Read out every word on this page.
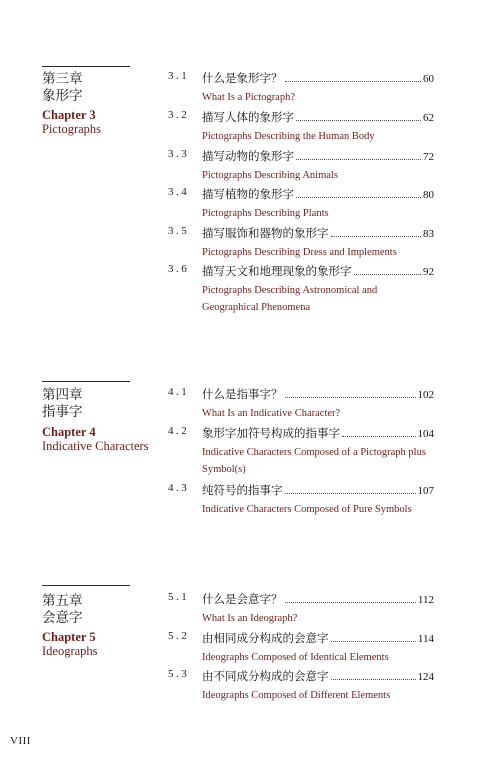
第三章
象形字
Chapter 3
Pictographs
3.1 什么是象形字？	60
What Is a Pictograph?
3.2 描写人体的象形字	62
Pictographs Describing the Human Body
3.3 描写动物的象形字	72
Pictographs Describing Animals
3.4 描写植物的象形字	80
Pictographs Describing Plants
3.5 描写服饰和器物的象形字	83
Pictographs Describing Dress and Implements
3.6 描写天文和地理现象的象形字	92
Pictographs Describing Astronomical and Geographical Phenomena
第四章
指事字
Chapter 4
Indicative Characters
4.1 什么是指事字？	102
What Is an Indicative Character?
4.2 象形字加符号构成的指事字	104
Indicative Characters Composed of a Pictograph plus Symbol(s)
4.3 纯符号的指事字	107
Indicative Characters Composed of Pure Symbols
第五章
会意字
Chapter 5
Ideographs
5.1 什么是会意字？	112
What Is an Ideograph?
5.2 由相同成分构成的会意字	114
Ideographs Composed of Identical Elements
5.3 由不同成分构成的会意字	124
Ideographs Composed of Different Elements
VIII
